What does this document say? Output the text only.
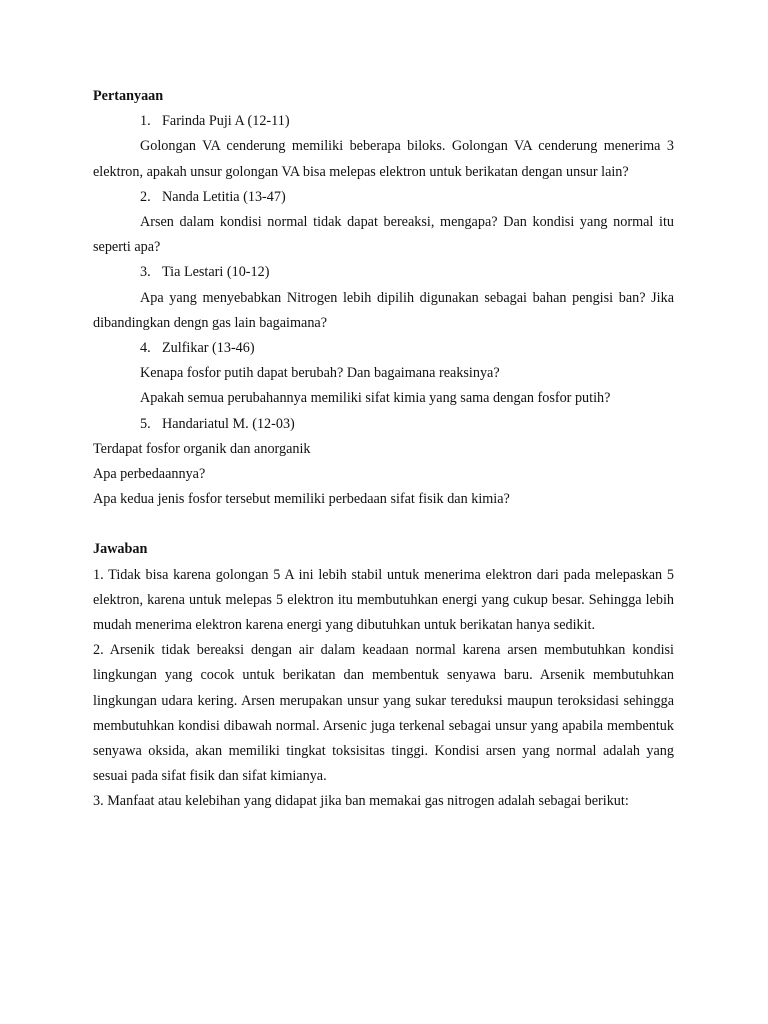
Pertanyaan

1. Farinda Puji A (12-11)

Golongan VA cenderung memiliki beberapa biloks. Golongan VA cenderung menerima 3 elektron, apakah unsur golongan VA bisa melepas elektron untuk berikatan dengan unsur lain?

2. Nanda Letitia (13-47)

Arsen dalam kondisi normal tidak dapat bereaksi, mengapa? Dan kondisi yang normal itu seperti apa?

3. Tia Lestari (10-12)

Apa yang menyebabkan Nitrogen lebih dipilih digunakan sebagai bahan pengisi ban? Jika dibandingkan dengn gas lain bagaimana?

4. Zulfikar (13-46)

Kenapa fosfor putih dapat berubah? Dan bagaimana reaksinya?

Apakah semua perubahannya memiliki sifat kimia yang sama dengan fosfor putih?

5. Handariatul M. (12-03)

Terdapat fosfor organik dan anorganik

Apa perbedaannya?

Apa kedua jenis fosfor tersebut memiliki perbedaan sifat fisik dan kimia?

Jawaban

1. Tidak bisa karena golongan 5 A ini lebih stabil untuk menerima elektron dari pada melepaskan 5 elektron, karena untuk melepas 5 elektron itu membutuhkan energi yang cukup besar. Sehingga lebih mudah menerima elektron karena energi yang dibutuhkan untuk berikatan hanya sedikit.

2. Arsenik tidak bereaksi dengan air dalam keadaan normal karena arsen membutuhkan kondisi lingkungan yang cocok untuk berikatan dan membentuk senyawa baru. Arsenik membutuhkan lingkungan udara kering. Arsen merupakan unsur yang sukar tereduksi maupun teroksidasi sehingga membutuhkan kondisi dibawah normal. Arsenic juga terkenal sebagai unsur yang apabila membentuk senyawa oksida, akan memiliki tingkat toksisitas tinggi. Kondisi arsen yang normal adalah yang sesuai pada sifat fisik dan sifat kimianya.

3. Manfaat atau kelebihan yang didapat jika ban memakai gas nitrogen adalah sebagai berikut:
